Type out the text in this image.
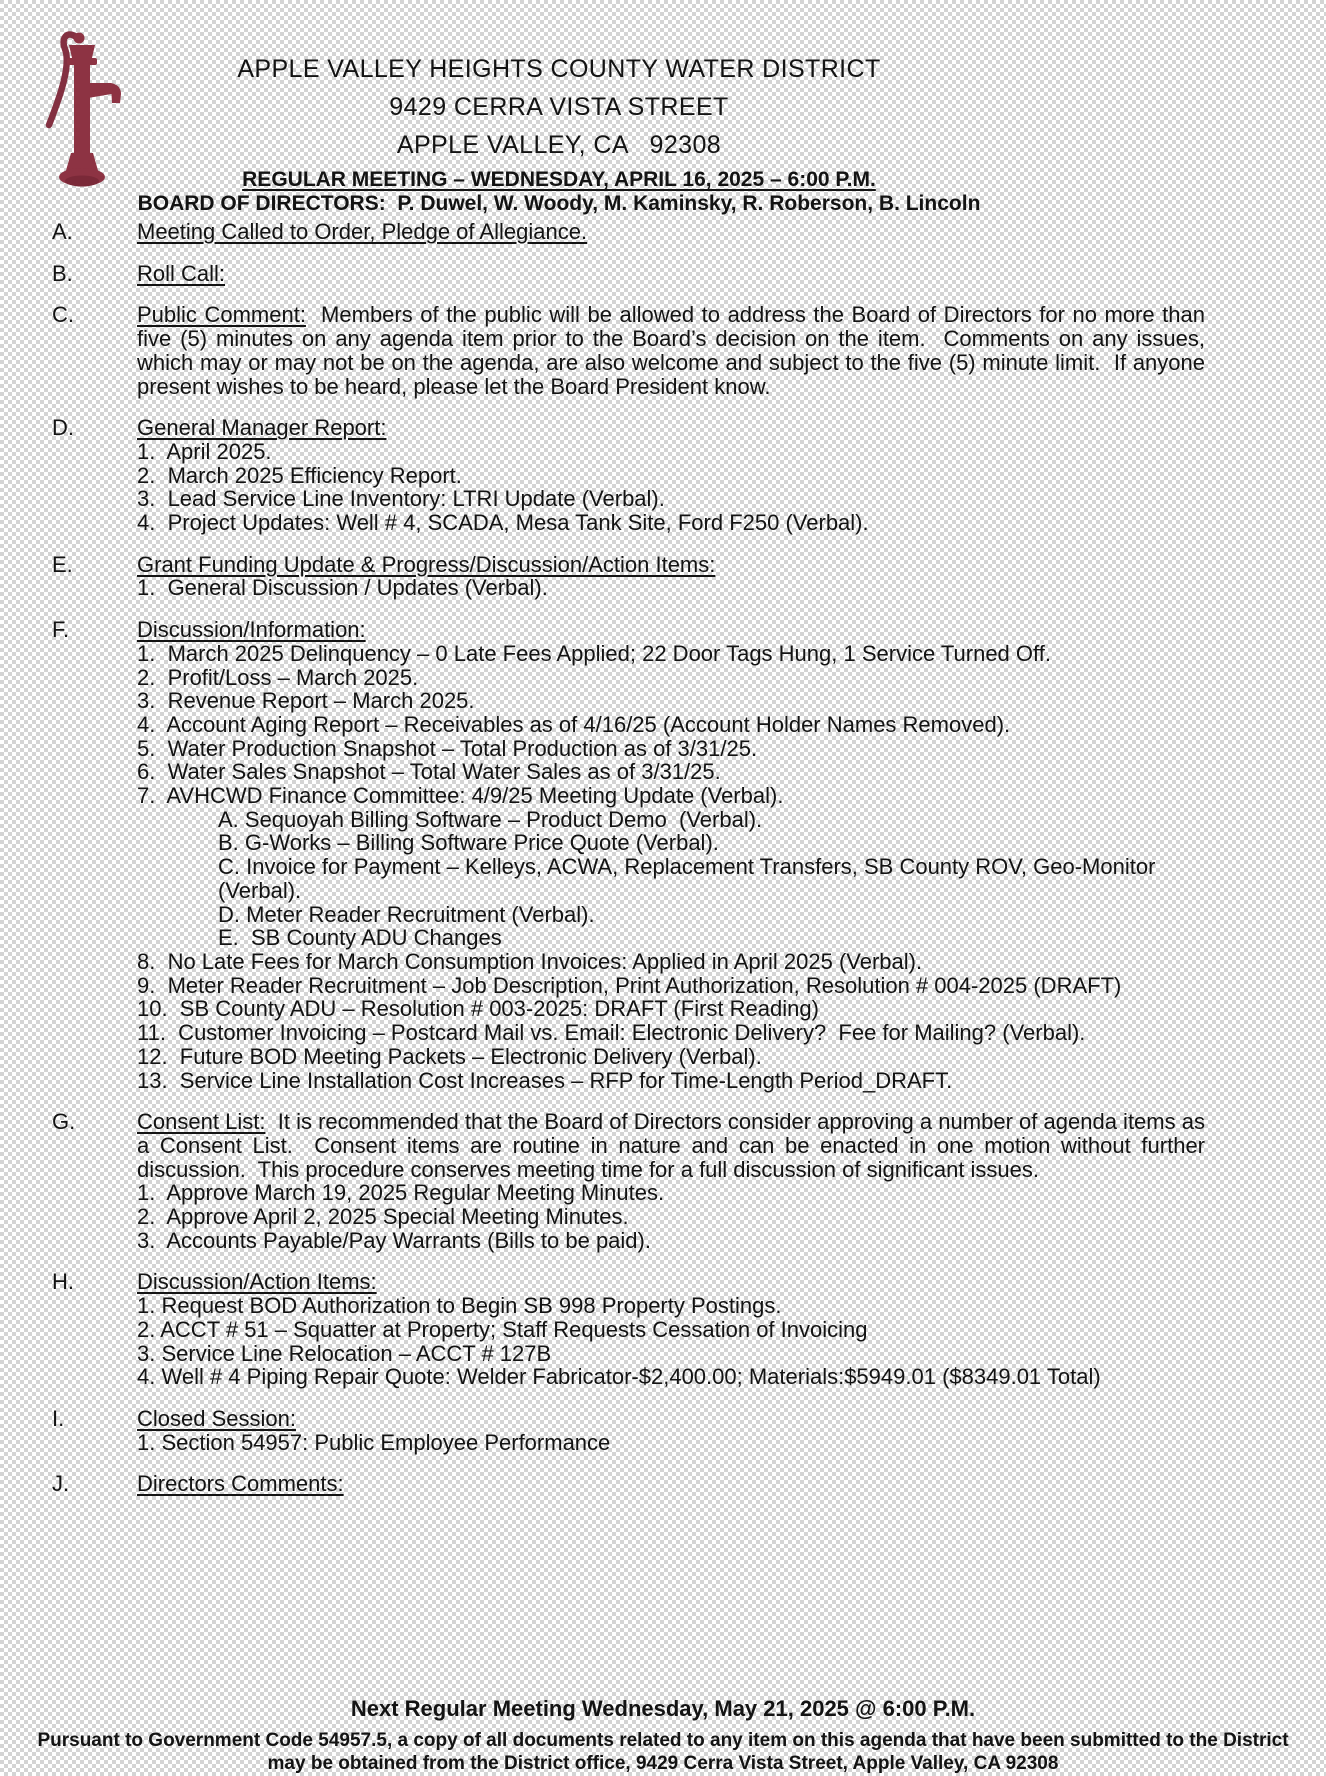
APPLE VALLEY HEIGHTS COUNTY WATER DISTRICT
9429 CERRA VISTA STREET
APPLE VALLEY, CA   92308
REGULAR MEETING – WEDNESDAY, APRIL 16, 2025 – 6:00 P.M.
BOARD OF DIRECTORS:  P. Duwel, W. Woody, M. Kaminsky, R. Roberson, B. Lincoln
A.	Meeting Called to Order, Pledge of Allegiance.
B.	Roll Call:
C.	Public Comment:  Members of the public will be allowed to address the Board of Directors for no more than five (5) minutes on any agenda item prior to the Board’s decision on the item.  Comments on any issues, which may or may not be on the agenda, are also welcome and subject to the five (5) minute limit.  If anyone present wishes to be heard, please let the Board President know.
D.	General Manager Report:
1.  April 2025.
2.  March 2025 Efficiency Report.
3.  Lead Service Line Inventory: LTRI Update (Verbal).
4.  Project Updates: Well # 4, SCADA, Mesa Tank Site, Ford F250 (Verbal).
E.	Grant Funding Update & Progress/Discussion/Action Items:
1.  General Discussion / Updates (Verbal).
F.	Discussion/Information:
1.  March 2025 Delinquency – 0 Late Fees Applied; 22 Door Tags Hung, 1 Service Turned Off.
2.  Profit/Loss – March 2025.
3.  Revenue Report – March 2025.
4.  Account Aging Report – Receivables as of 4/16/25 (Account Holder Names Removed).
5.  Water Production Snapshot – Total Production as of 3/31/25.
6.  Water Sales Snapshot – Total Water Sales as of 3/31/25.
7.  AVHCWD Finance Committee: 4/9/25 Meeting Update (Verbal).
A. Sequoyah Billing Software – Product Demo  (Verbal).
B. G-Works – Billing Software Price Quote (Verbal).
C. Invoice for Payment – Kelleys, ACWA, Replacement Transfers, SB County ROV, Geo-Monitor
(Verbal).
D. Meter Reader Recruitment (Verbal).
E.  SB County ADU Changes
8.  No Late Fees for March Consumption Invoices: Applied in April 2025 (Verbal).
9.  Meter Reader Recruitment – Job Description, Print Authorization, Resolution # 004-2025 (DRAFT)
10.  SB County ADU – Resolution # 003-2025: DRAFT (First Reading)
11.  Customer Invoicing – Postcard Mail vs. Email: Electronic Delivery?  Fee for Mailing? (Verbal).
12.  Future BOD Meeting Packets – Electronic Delivery (Verbal).
13.  Service Line Installation Cost Increases – RFP for Time-Length Period_DRAFT.
G.	Consent List:  It is recommended that the Board of Directors consider approving a number of agenda items as a Consent List.  Consent items are routine in nature and can be enacted in one motion without further discussion.  This procedure conserves meeting time for a full discussion of significant issues.
1.  Approve March 19, 2025 Regular Meeting Minutes.
2.  Approve April 2, 2025 Special Meeting Minutes.
3.  Accounts Payable/Pay Warrants (Bills to be paid).
H.	Discussion/Action Items:
1. Request BOD Authorization to Begin SB 998 Property Postings.
2. ACCT # 51 – Squatter at Property; Staff Requests Cessation of Invoicing
3. Service Line Relocation – ACCT # 127B
4. Well # 4 Piping Repair Quote: Welder Fabricator-$2,400.00; Materials:$5949.01 ($8349.01 Total)
I.	Closed Session:
1. Section 54957: Public Employee Performance
J.	Directors Comments:
Next Regular Meeting Wednesday, May 21, 2025 @ 6:00 P.M.
Pursuant to Government Code 54957.5, a copy of all documents related to any item on this agenda that have been submitted to the District
may be obtained from the District office, 9429 Cerra Vista Street, Apple Valley, CA 92308
